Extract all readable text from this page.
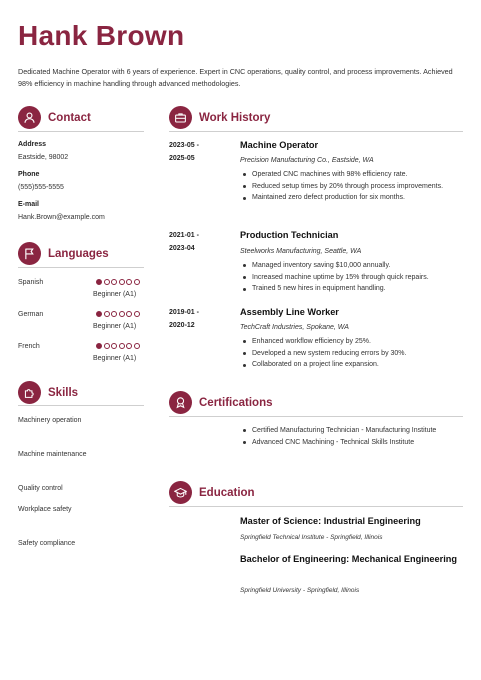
Hank Brown
Dedicated Machine Operator with 6 years of experience. Expert in CNC operations, quality control, and process improvements. Achieved 98% efficiency in machine handling through advanced methodologies.
Contact
Address
Eastside, 98002
Phone
(555)555-5555
E-mail
Hank.Brown@example.com
Languages
Spanish
Beginner (A1)
German
Beginner (A1)
French
Beginner (A1)
Skills
Machinery operation
Machine maintenance
Quality control
Workplace safety
Safety compliance
Work History
2023-05 -
2025-05
Machine Operator
Precision Manufacturing Co., Eastside, WA
Operated CNC machines with 98% efficiency rate.
Reduced setup times by 20% through process improvements.
Maintained zero defect production for six months.
2021-01 -
2023-04
Production Technician
Steelworks Manufacturing, Seattle, WA
Managed inventory saving $10,000 annually.
Increased machine uptime by 15% through quick repairs.
Trained 5 new hires in equipment handling.
2019-01 -
2020-12
Assembly Line Worker
TechCraft Industries, Spokane, WA
Enhanced workflow efficiency by 25%.
Developed a new system reducing errors by 30%.
Collaborated on a project line expansion.
Certifications
Certified Manufacturing Technician - Manufacturing Institute
Advanced CNC Machining - Technical Skills Institute
Education
Master of Science: Industrial Engineering
Springfield Technical Institute - Springfield, Illinois
Bachelor of Engineering: Mechanical Engineering
Springfield University - Springfield, Illinois
